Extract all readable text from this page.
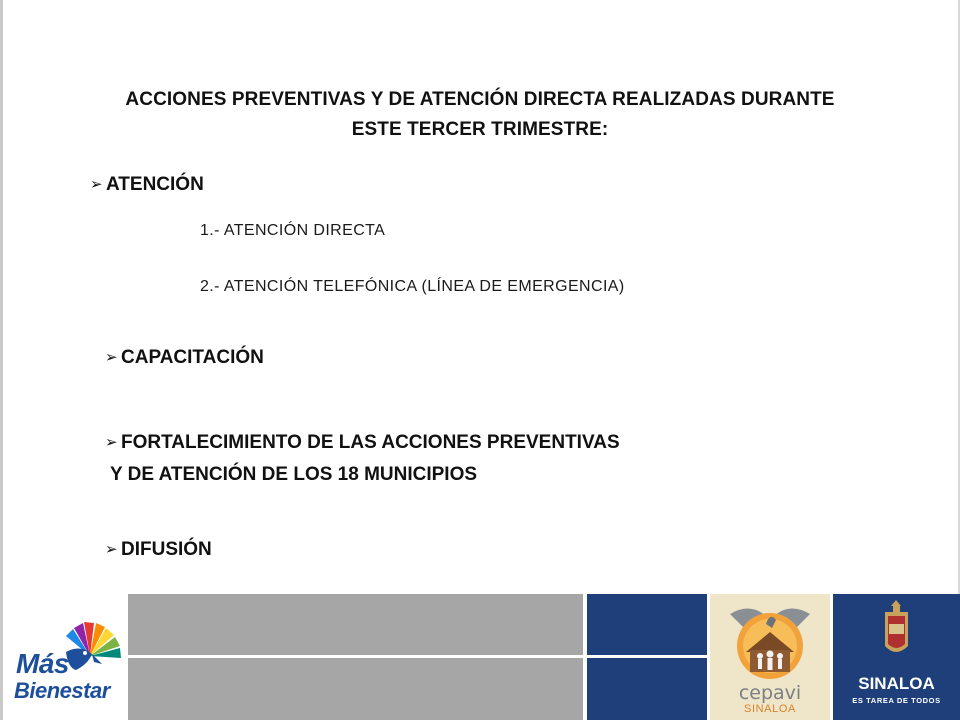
ACCIONES PREVENTIVAS Y DE ATENCIÓN DIRECTA REALIZADAS DURANTE
ESTE TERCER TRIMESTRE:
➢ ATENCIÓN
1.- ATENCIÓN DIRECTA
2.- ATENCIÓN TELEFÓNICA (LÍNEA DE EMERGENCIA)
➢ CAPACITACIÓN
➢ FORTALECIMIENTO DE LAS ACCIONES PREVENTIVAS
Y DE ATENCIÓN DE LOS 18 MUNICIPIOS
➢ DIFUSIÓN
Más
Bienestar	cepavi
SINALOA
SINALOA
ES TAREA DE TODOS
